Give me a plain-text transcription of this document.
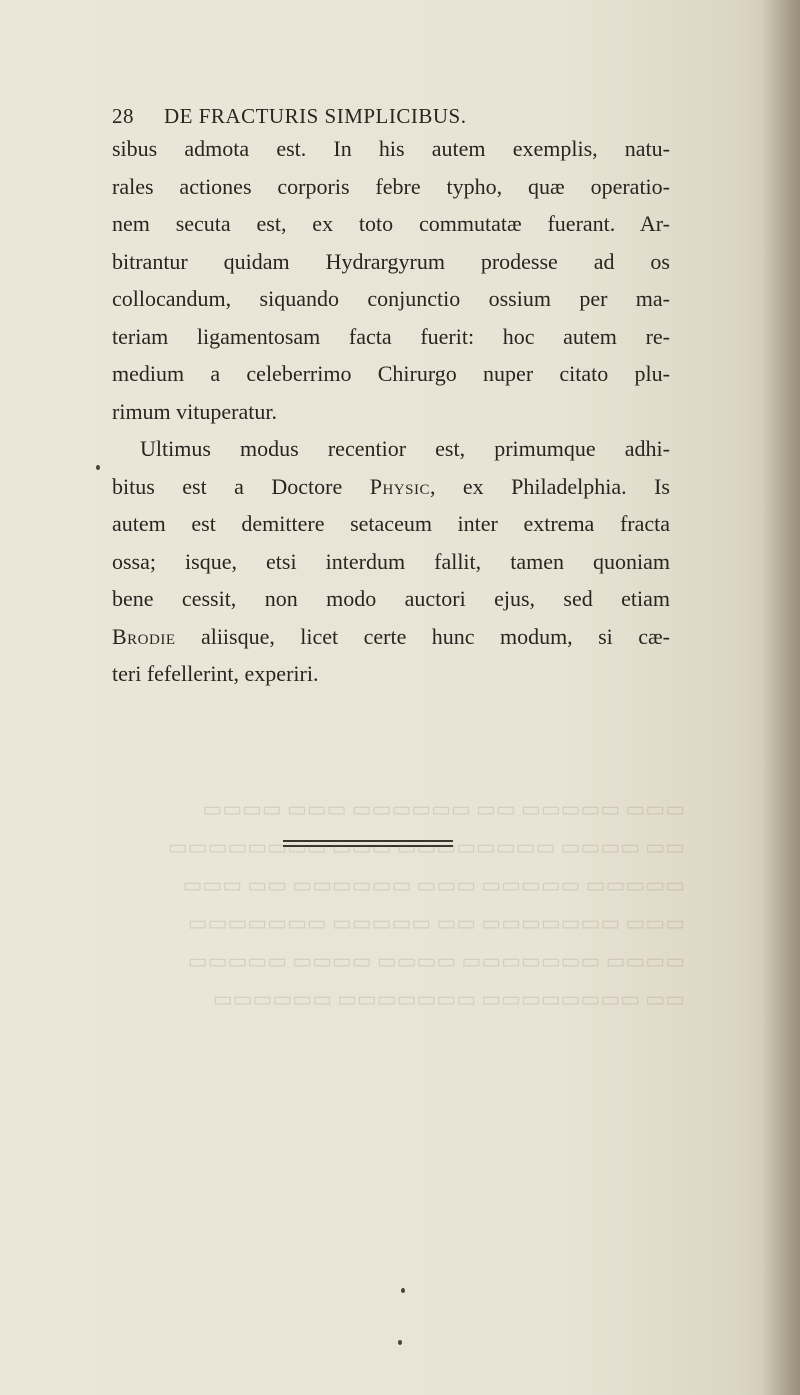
28 DE FRACTURIS SIMPLICIBUS.
sibus admota est. In his autem exemplis, natu-
rales actiones corporis febre typho, quæ operatio-
nem secuta est, ex toto commutatæ fuerant. Ar-
bitrantur quidam Hydrargyrum prodesse ad os
collocandum, siquando conjunctio ossium per ma-
teriam ligamentosam facta fuerit: hoc autem re-
medium a celeberrimo Chirurgo nuper citato plu-
rimum vituperatur.
Ultimus modus recentior est, primumque adhi-
bitus est a Doctore Physic, ex Philadelphia. Is
autem est demittere setaceum inter extrema fracta
ossa; isque, etsi interdum fallit, tamen quoniam
bene cessit, non modo auctori ejus, sed etiam
Brodie aliisque, licet certe hunc modum, si cæ-
teri fefellerint, experiri.
▭▭▭ ▭▭▭▭▭ ▭▭ ▭▭▭▭▭▭ ▭▭▭ ▭▭▭▭
▭▭ ▭▭▭▭ ▭▭▭▭▭▭▭▭ ▭▭▭ ▭▭▭▭▭▭▭▭
▭▭▭▭▭ ▭▭▭▭▭ ▭▭▭ ▭▭▭▭▭▭ ▭▭ ▭▭▭
▭▭▭ ▭▭▭▭▭▭▭ ▭▭ ▭▭▭▭▭ ▭▭▭▭▭▭▭
▭▭▭▭ ▭▭▭▭▭▭▭ ▭▭▭▭ ▭▭▭▭ ▭▭▭▭▭
▭▭ ▭▭▭▭▭▭▭▭ ▭▭▭▭▭▭▭ ▭▭▭▭▭▭
